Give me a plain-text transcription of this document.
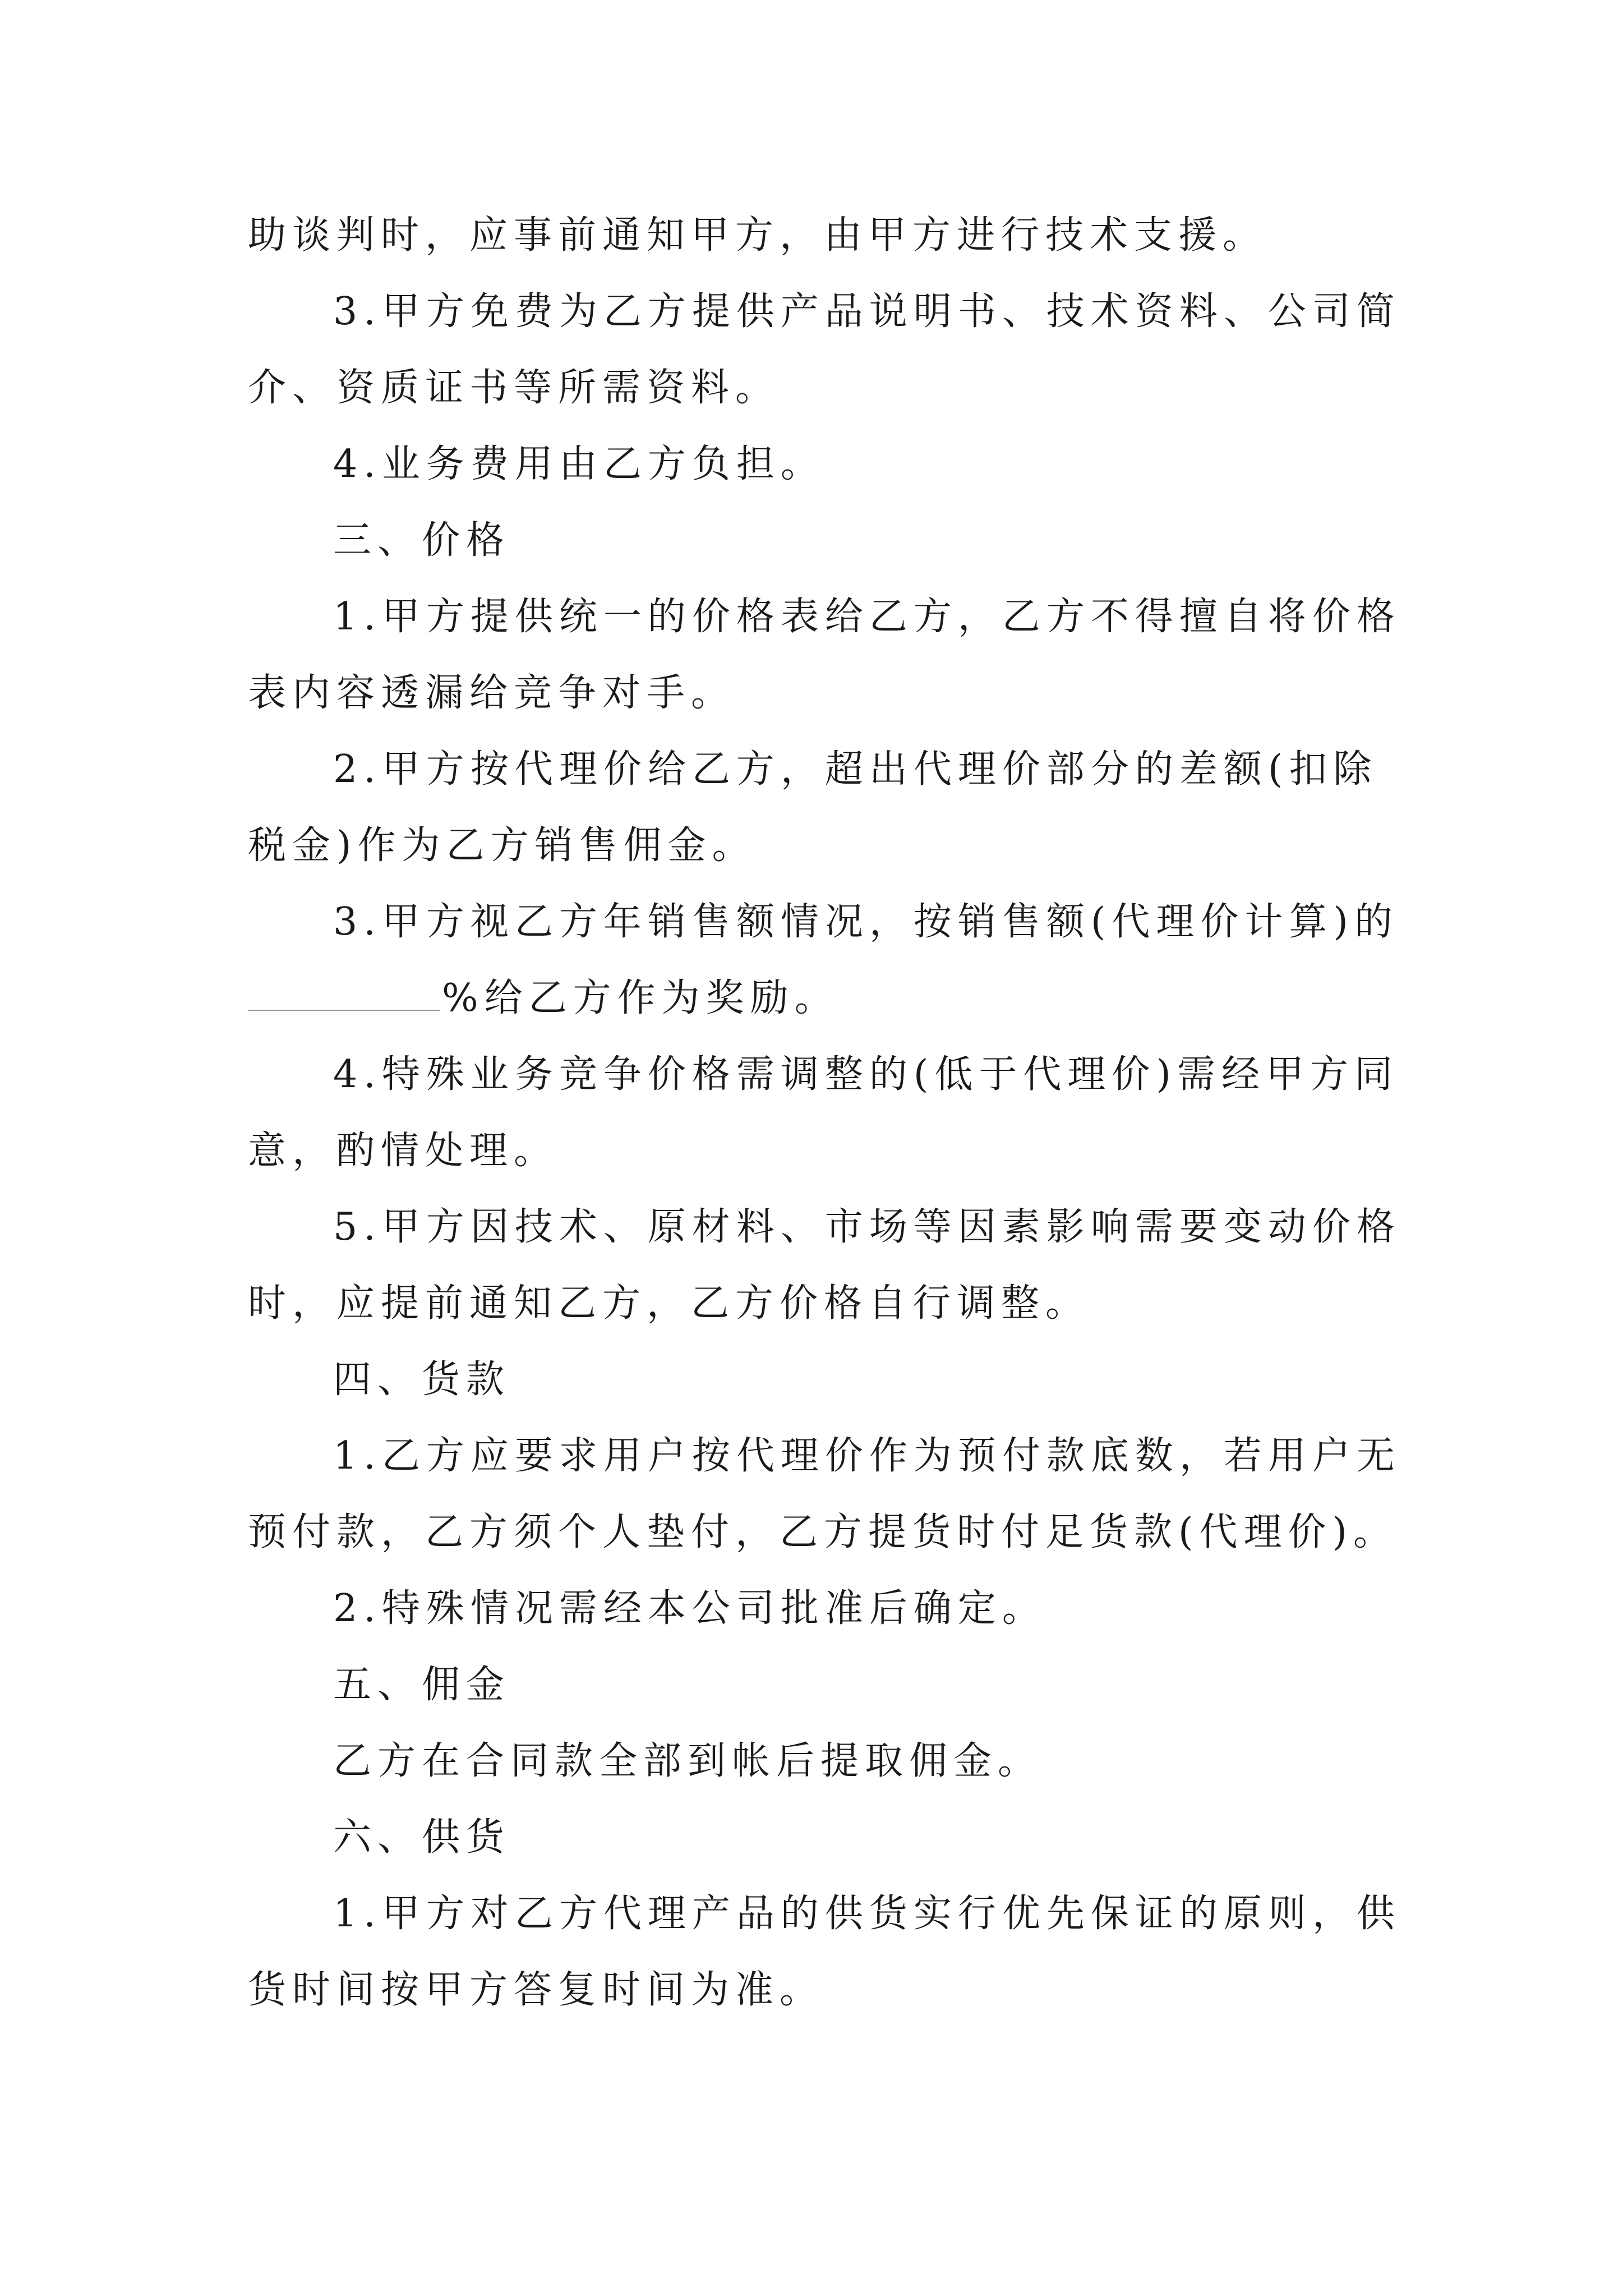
助谈判时，应事前通知甲方，由甲方进行技术支援。
3.甲方免费为乙方提供产品说明书、技术资料、公司简
介、资质证书等所需资料。
4.业务费用由乙方负担。
三、价格
1.甲方提供统一的价格表给乙方，乙方不得擅自将价格
表内容透漏给竞争对手。
2.甲方按代理价给乙方，超出代理价部分的差额(扣除
税金)作为乙方销售佣金。
3.甲方视乙方年销售额情况，按销售额(代理价计算)的
%给乙方作为奖励。
4.特殊业务竞争价格需调整的(低于代理价)需经甲方同
意，酌情处理。
5.甲方因技术、原材料、市场等因素影响需要变动价格
时，应提前通知乙方，乙方价格自行调整。
四、货款
1.乙方应要求用户按代理价作为预付款底数，若用户无
预付款，乙方须个人垫付，乙方提货时付足货款(代理价)。
2.特殊情况需经本公司批准后确定。
五、佣金
乙方在合同款全部到帐后提取佣金。
六、供货
1.甲方对乙方代理产品的供货实行优先保证的原则，供
货时间按甲方答复时间为准。
